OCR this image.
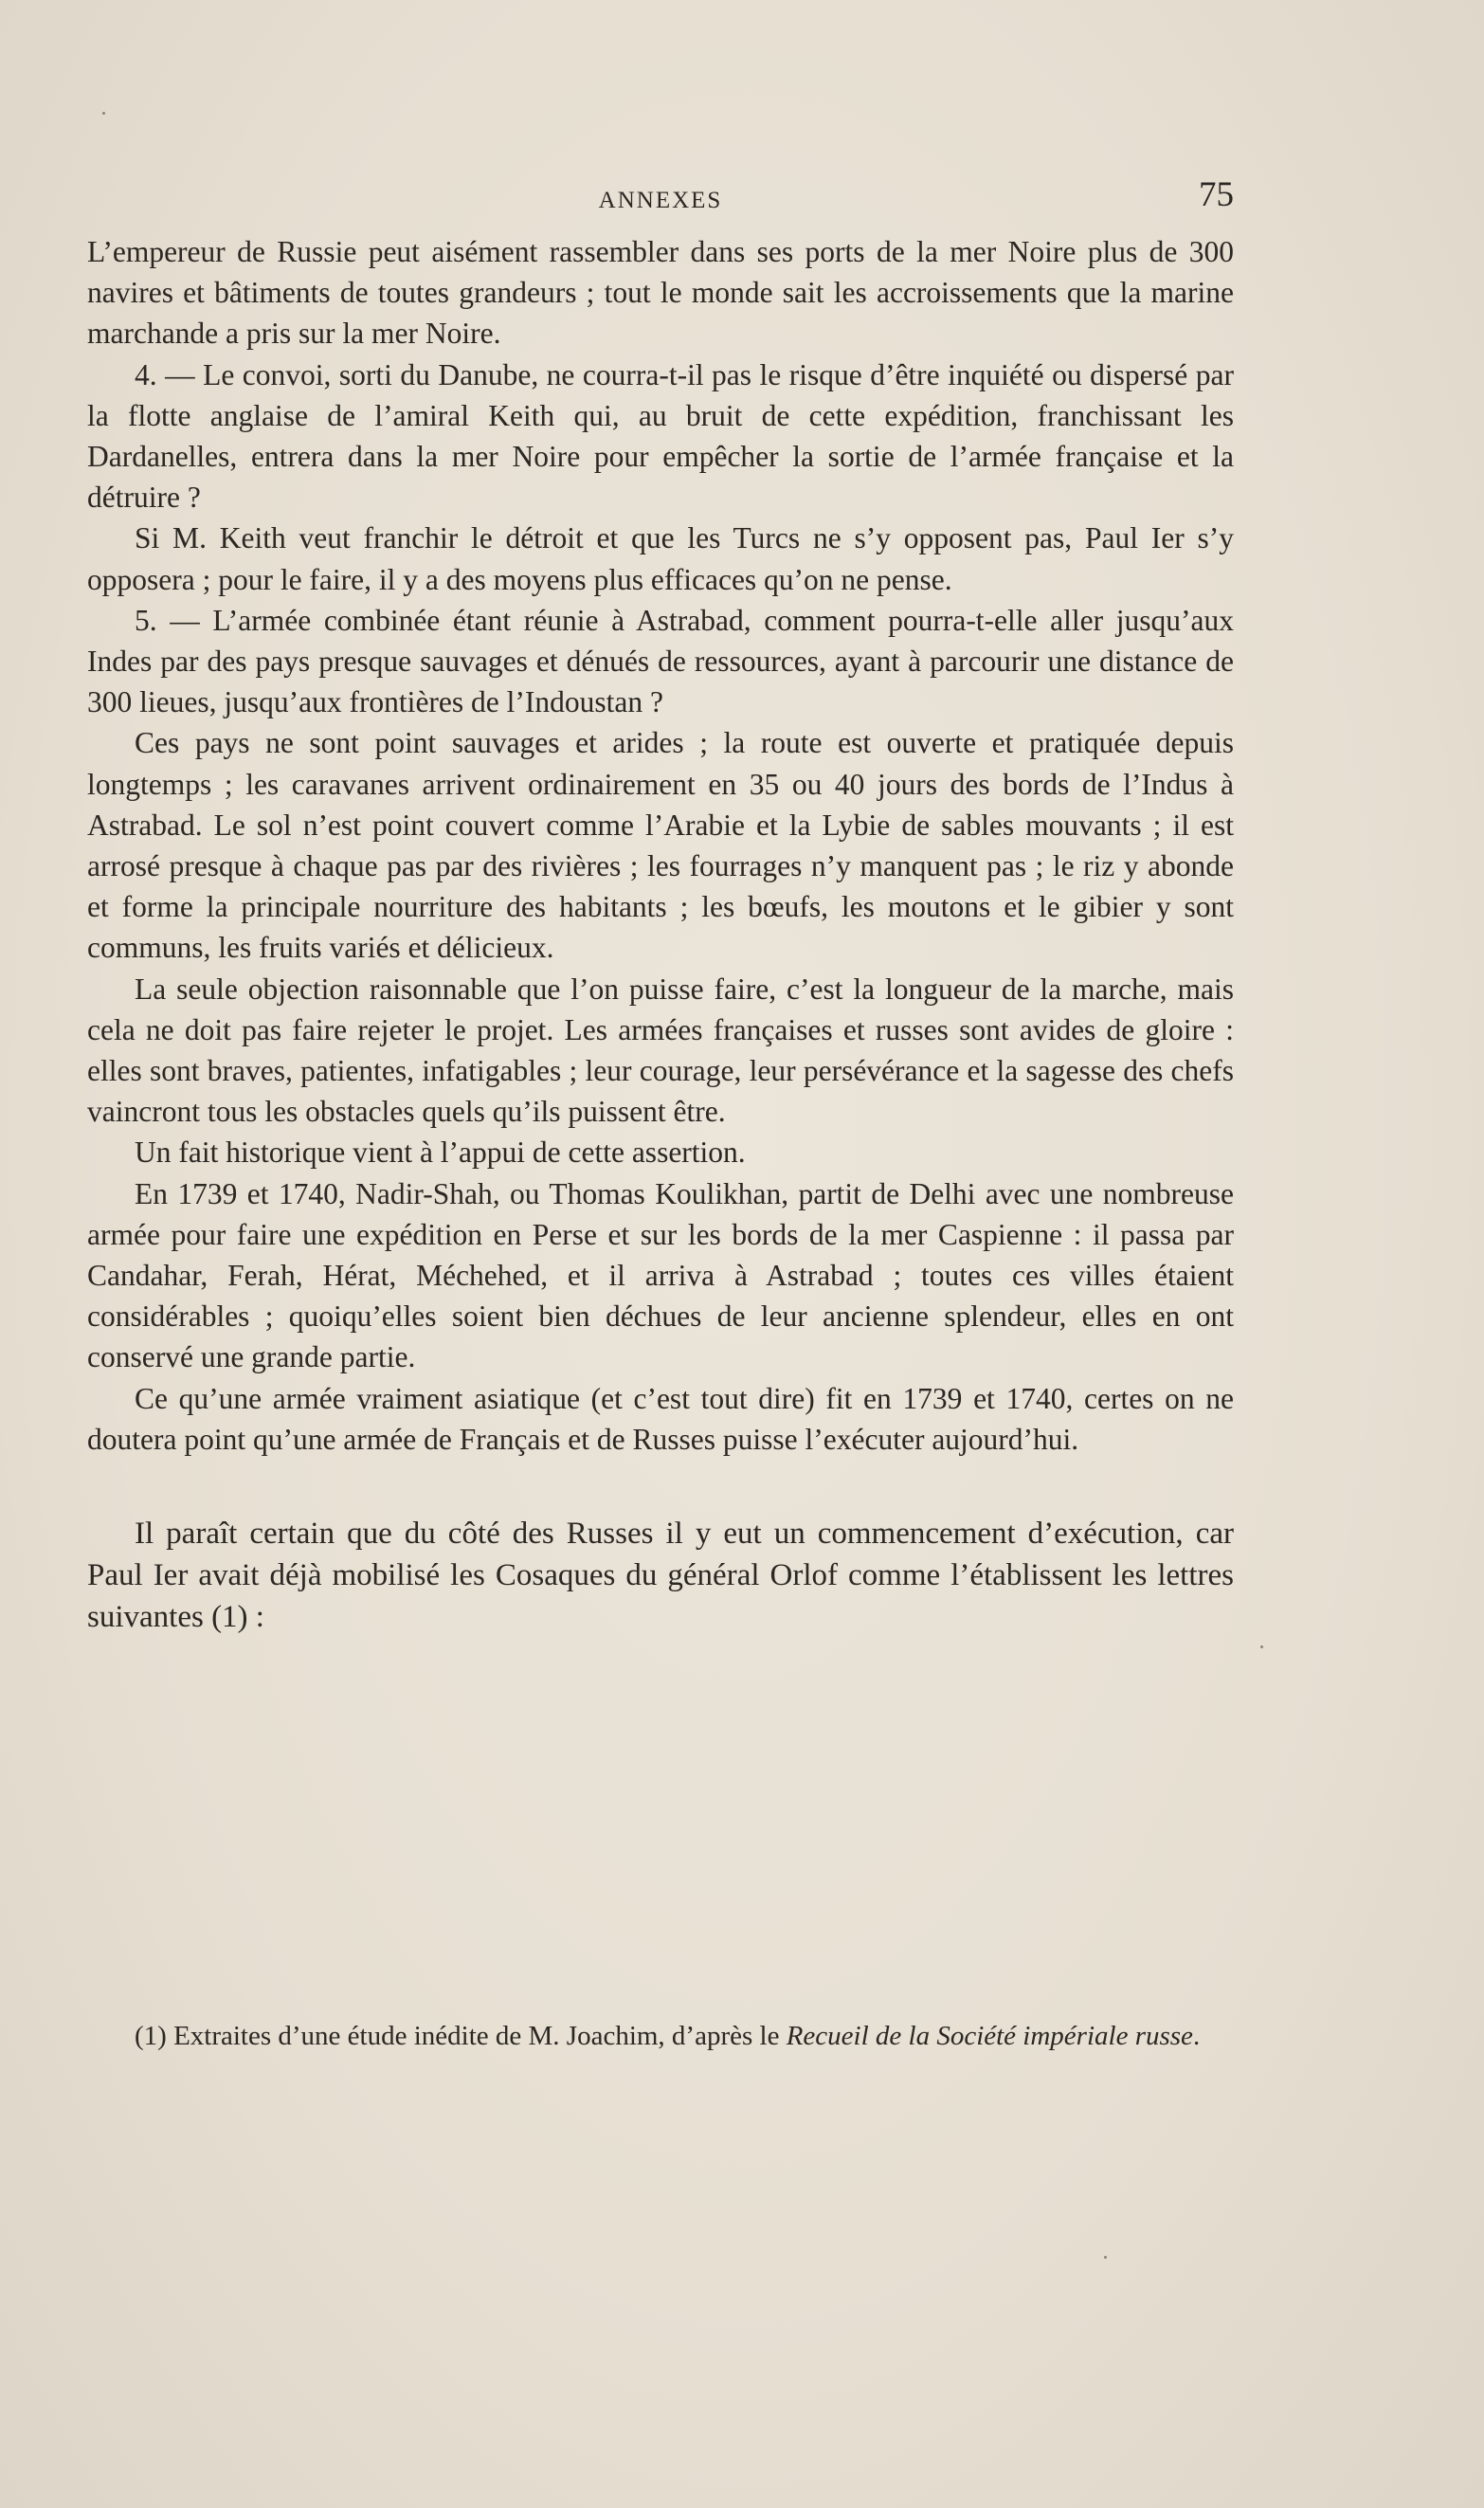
ANNEXES	75

L’empereur de Russie peut aisément rassembler dans ses ports de la mer Noire plus de 300 navires et bâtiments de toutes grandeurs ; tout le monde sait les accroissements que la marine marchande a pris sur la mer Noire.

4. — Le convoi, sorti du Danube, ne courra-t-il pas le risque d’être inquiété ou dispersé par la flotte anglaise de l’amiral Keith qui, au bruit de cette expédition, franchissant les Dardanelles, entrera dans la mer Noire pour empêcher la sortie de l’armée française et la détruire ?

Si M. Keith veut franchir le détroit et que les Turcs ne s’y opposent pas, Paul Ier s’y opposera ; pour le faire, il y a des moyens plus efficaces qu’on ne pense.

5. — L’armée combinée étant réunie à Astrabad, comment pourra-t-elle aller jusqu’aux Indes par des pays presque sauvages et dénués de ressources, ayant à parcourir une distance de 300 lieues, jusqu’aux frontières de l’Indoustan ?

Ces pays ne sont point sauvages et arides ; la route est ouverte et pratiquée depuis longtemps ; les caravanes arrivent ordinairement en 35 ou 40 jours des bords de l’Indus à Astrabad. Le sol n’est point couvert comme l’Arabie et la Lybie de sables mouvants ; il est arrosé presque à chaque pas par des rivières ; les fourrages n’y manquent pas ; le riz y abonde et forme la principale nourriture des habitants ; les bœufs, les moutons et le gibier y sont communs, les fruits variés et délicieux.

La seule objection raisonnable que l’on puisse faire, c’est la longueur de la marche, mais cela ne doit pas faire rejeter le projet. Les armées françaises et russes sont avides de gloire : elles sont braves, patientes, infatigables ; leur courage, leur persévérance et la sagesse des chefs vaincront tous les obstacles quels qu’ils puissent être.

Un fait historique vient à l’appui de cette assertion.

En 1739 et 1740, Nadir-Shah, ou Thomas Koulikhan, partit de Delhi avec une nombreuse armée pour faire une expédition en Perse et sur les bords de la mer Caspienne : il passa par Candahar, Ferah, Hérat, Méchehed, et il arriva à Astrabad ; toutes ces villes étaient considérables ; quoiqu’elles soient bien déchues de leur ancienne splendeur, elles en ont conservé une grande partie.

Ce qu’une armée vraiment asiatique (et c’est tout dire) fit en 1739 et 1740, certes on ne doutera point qu’une armée de Français et de Russes puisse l’exécuter aujourd’hui.

Il paraît certain que du côté des Russes il y eut un commencement d’exécution, car Paul Ier avait déjà mobilisé les Cosaques du général Orlof comme l’établissent les lettres suivantes (1) :

(1) Extraites d’une étude inédite de M. Joachim, d’après le Recueil de la Société impériale russe.
